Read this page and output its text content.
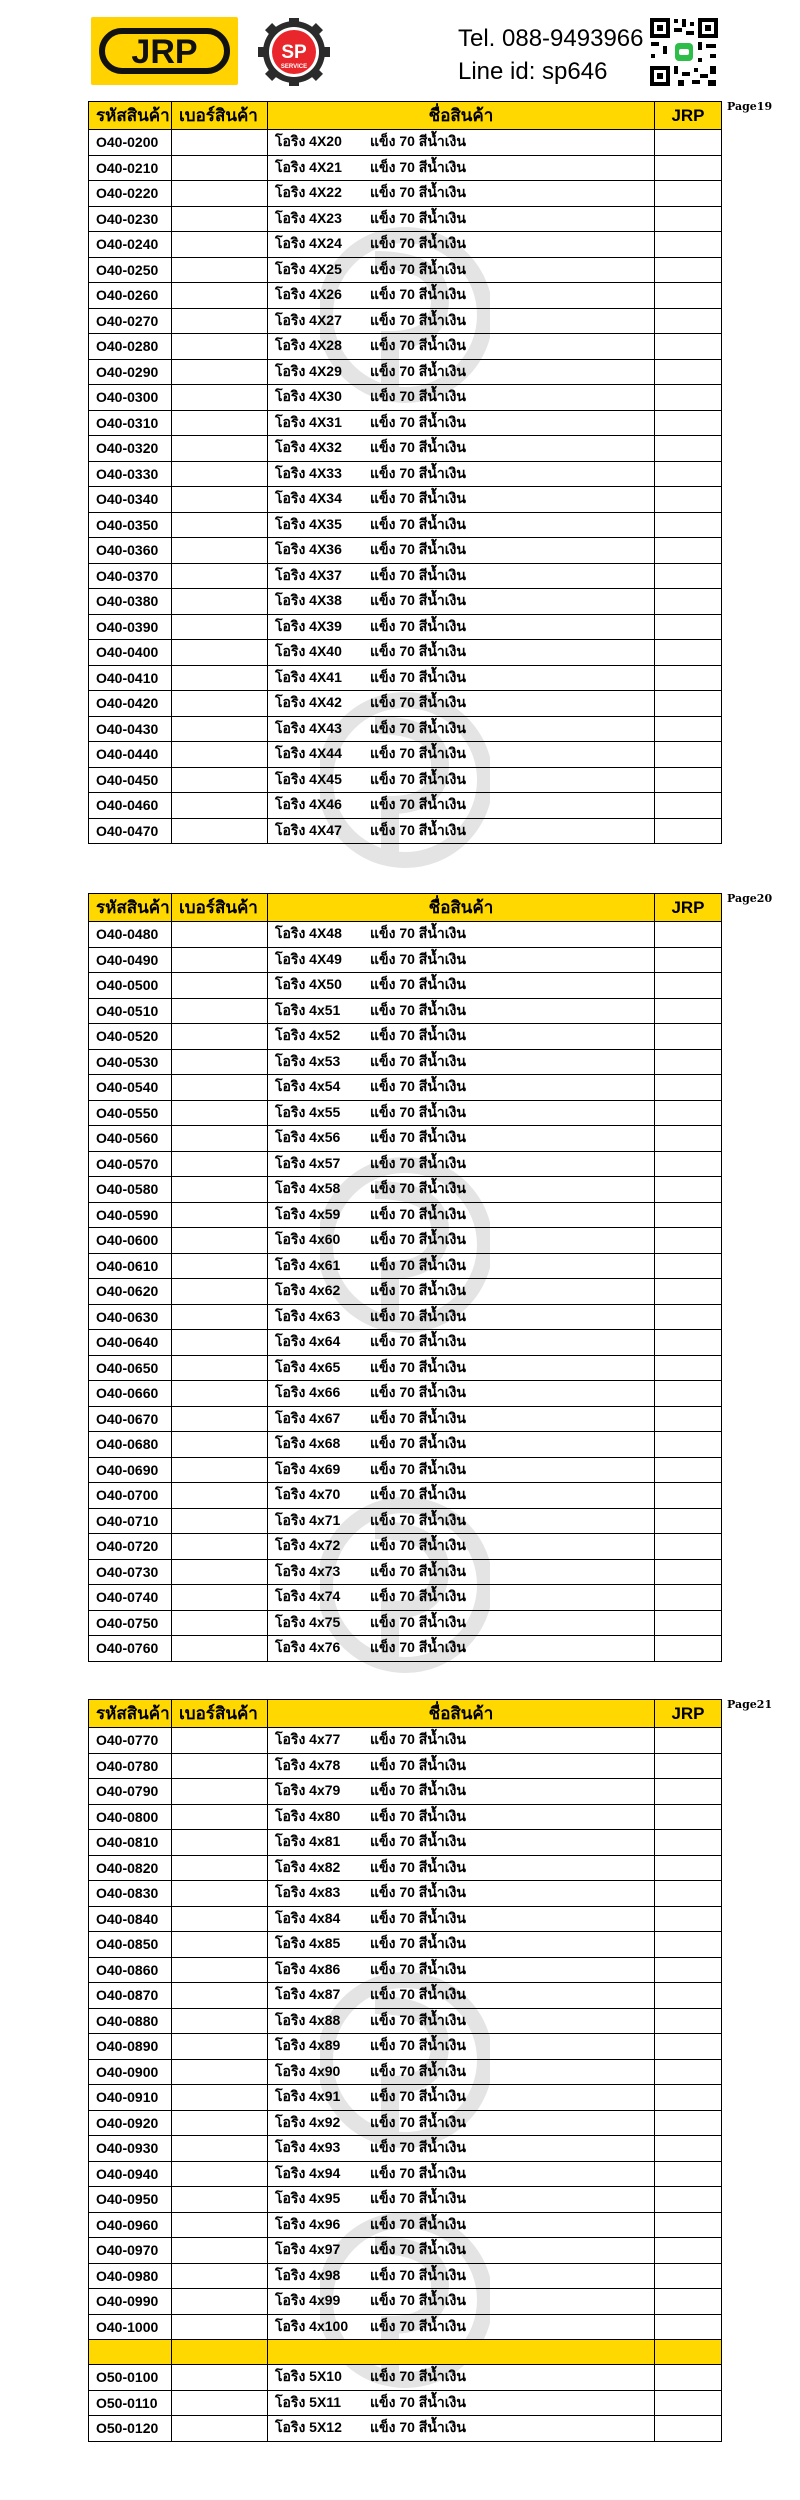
JRP	SP
SERVICE
Tel. 088-9493966
Line id: sp646
Page19
รหัสสินค้า	เบอร์สินค้า	ชื่อสินค้า	JRP
O40-0200		โอริง 4X20 แข็ง 70 สีน้ำเงิน	
O40-0210		โอริง 4X21 แข็ง 70 สีน้ำเงิน	
O40-0220		โอริง 4X22 แข็ง 70 สีน้ำเงิน	
O40-0230		โอริง 4X23 แข็ง 70 สีน้ำเงิน	
O40-0240		โอริง 4X24 แข็ง 70 สีน้ำเงิน	
O40-0250		โอริง 4X25 แข็ง 70 สีน้ำเงิน	
O40-0260		โอริง 4X26 แข็ง 70 สีน้ำเงิน	
O40-0270		โอริง 4X27 แข็ง 70 สีน้ำเงิน	
O40-0280		โอริง 4X28 แข็ง 70 สีน้ำเงิน	
O40-0290		โอริง 4X29 แข็ง 70 สีน้ำเงิน	
O40-0300		โอริง 4X30 แข็ง 70 สีน้ำเงิน	
O40-0310		โอริง 4X31 แข็ง 70 สีน้ำเงิน	
O40-0320		โอริง 4X32 แข็ง 70 สีน้ำเงิน	
O40-0330		โอริง 4X33 แข็ง 70 สีน้ำเงิน	
O40-0340		โอริง 4X34 แข็ง 70 สีน้ำเงิน	
O40-0350		โอริง 4X35 แข็ง 70 สีน้ำเงิน	
O40-0360		โอริง 4X36 แข็ง 70 สีน้ำเงิน	
O40-0370		โอริง 4X37 แข็ง 70 สีน้ำเงิน	
O40-0380		โอริง 4X38 แข็ง 70 สีน้ำเงิน	
O40-0390		โอริง 4X39 แข็ง 70 สีน้ำเงิน	
O40-0400		โอริง 4X40 แข็ง 70 สีน้ำเงิน	
O40-0410		โอริง 4X41 แข็ง 70 สีน้ำเงิน	
O40-0420		โอริง 4X42 แข็ง 70 สีน้ำเงิน	
O40-0430		โอริง 4X43 แข็ง 70 สีน้ำเงิน	
O40-0440		โอริง 4X44 แข็ง 70 สีน้ำเงิน	
O40-0450		โอริง 4X45 แข็ง 70 สีน้ำเงิน	
O40-0460		โอริง 4X46 แข็ง 70 สีน้ำเงิน	
O40-0470		โอริง 4X47 แข็ง 70 สีน้ำเงิน	
Page20
รหัสสินค้า	เบอร์สินค้า	ชื่อสินค้า	JRP
O40-0480		โอริง 4X48 แข็ง 70 สีน้ำเงิน	
O40-0490		โอริง 4X49 แข็ง 70 สีน้ำเงิน	
O40-0500		โอริง 4X50 แข็ง 70 สีน้ำเงิน	
O40-0510		โอริง 4x51 แข็ง 70 สีน้ำเงิน	
O40-0520		โอริง 4x52 แข็ง 70 สีน้ำเงิน	
O40-0530		โอริง 4x53 แข็ง 70 สีน้ำเงิน	
O40-0540		โอริง 4x54 แข็ง 70 สีน้ำเงิน	
O40-0550		โอริง 4x55 แข็ง 70 สีน้ำเงิน	
O40-0560		โอริง 4x56 แข็ง 70 สีน้ำเงิน	
O40-0570		โอริง 4x57 แข็ง 70 สีน้ำเงิน	
O40-0580		โอริง 4x58 แข็ง 70 สีน้ำเงิน	
O40-0590		โอริง 4x59 แข็ง 70 สีน้ำเงิน	
O40-0600		โอริง 4x60 แข็ง 70 สีน้ำเงิน	
O40-0610		โอริง 4x61 แข็ง 70 สีน้ำเงิน	
O40-0620		โอริง 4x62 แข็ง 70 สีน้ำเงิน	
O40-0630		โอริง 4x63 แข็ง 70 สีน้ำเงิน	
O40-0640		โอริง 4x64 แข็ง 70 สีน้ำเงิน	
O40-0650		โอริง 4x65 แข็ง 70 สีน้ำเงิน	
O40-0660		โอริง 4x66 แข็ง 70 สีน้ำเงิน	
O40-0670		โอริง 4x67 แข็ง 70 สีน้ำเงิน	
O40-0680		โอริง 4x68 แข็ง 70 สีน้ำเงิน	
O40-0690		โอริง 4x69 แข็ง 70 สีน้ำเงิน	
O40-0700		โอริง 4x70 แข็ง 70 สีน้ำเงิน	
O40-0710		โอริง 4x71 แข็ง 70 สีน้ำเงิน	
O40-0720		โอริง 4x72 แข็ง 70 สีน้ำเงิน	
O40-0730		โอริง 4x73 แข็ง 70 สีน้ำเงิน	
O40-0740		โอริง 4x74 แข็ง 70 สีน้ำเงิน	
O40-0750		โอริง 4x75 แข็ง 70 สีน้ำเงิน	
O40-0760		โอริง 4x76 แข็ง 70 สีน้ำเงิน	
Page21
รหัสสินค้า	เบอร์สินค้า	ชื่อสินค้า	JRP
O40-0770		โอริง 4x77 แข็ง 70 สีน้ำเงิน	
O40-0780		โอริง 4x78 แข็ง 70 สีน้ำเงิน	
O40-0790		โอริง 4x79 แข็ง 70 สีน้ำเงิน	
O40-0800		โอริง 4x80 แข็ง 70 สีน้ำเงิน	
O40-0810		โอริง 4x81 แข็ง 70 สีน้ำเงิน	
O40-0820		โอริง 4x82 แข็ง 70 สีน้ำเงิน	
O40-0830		โอริง 4x83 แข็ง 70 สีน้ำเงิน	
O40-0840		โอริง 4x84 แข็ง 70 สีน้ำเงิน	
O40-0850		โอริง 4x85 แข็ง 70 สีน้ำเงิน	
O40-0860		โอริง 4x86 แข็ง 70 สีน้ำเงิน	
O40-0870		โอริง 4x87 แข็ง 70 สีน้ำเงิน	
O40-0880		โอริง 4x88 แข็ง 70 สีน้ำเงิน	
O40-0890		โอริง 4x89 แข็ง 70 สีน้ำเงิน	
O40-0900		โอริง 4x90 แข็ง 70 สีน้ำเงิน	
O40-0910		โอริง 4x91 แข็ง 70 สีน้ำเงิน	
O40-0920		โอริง 4x92 แข็ง 70 สีน้ำเงิน	
O40-0930		โอริง 4x93 แข็ง 70 สีน้ำเงิน	
O40-0940		โอริง 4x94 แข็ง 70 สีน้ำเงิน	
O40-0950		โอริง 4x95 แข็ง 70 สีน้ำเงิน	
O40-0960		โอริง 4x96 แข็ง 70 สีน้ำเงิน	
O40-0970		โอริง 4x97 แข็ง 70 สีน้ำเงิน	
O40-0980		โอริง 4x98 แข็ง 70 สีน้ำเงิน	
O40-0990		โอริง 4x99 แข็ง 70 สีน้ำเงิน	
O40-1000		โอริง 4x100 แข็ง 70 สีน้ำเงิน	

O50-0100		โอริง 5X10 แข็ง 70 สีน้ำเงิน	
O50-0110		โอริง 5X11 แข็ง 70 สีน้ำเงิน	
O50-0120		โอริง 5X12 แข็ง 70 สีน้ำเงิน	
